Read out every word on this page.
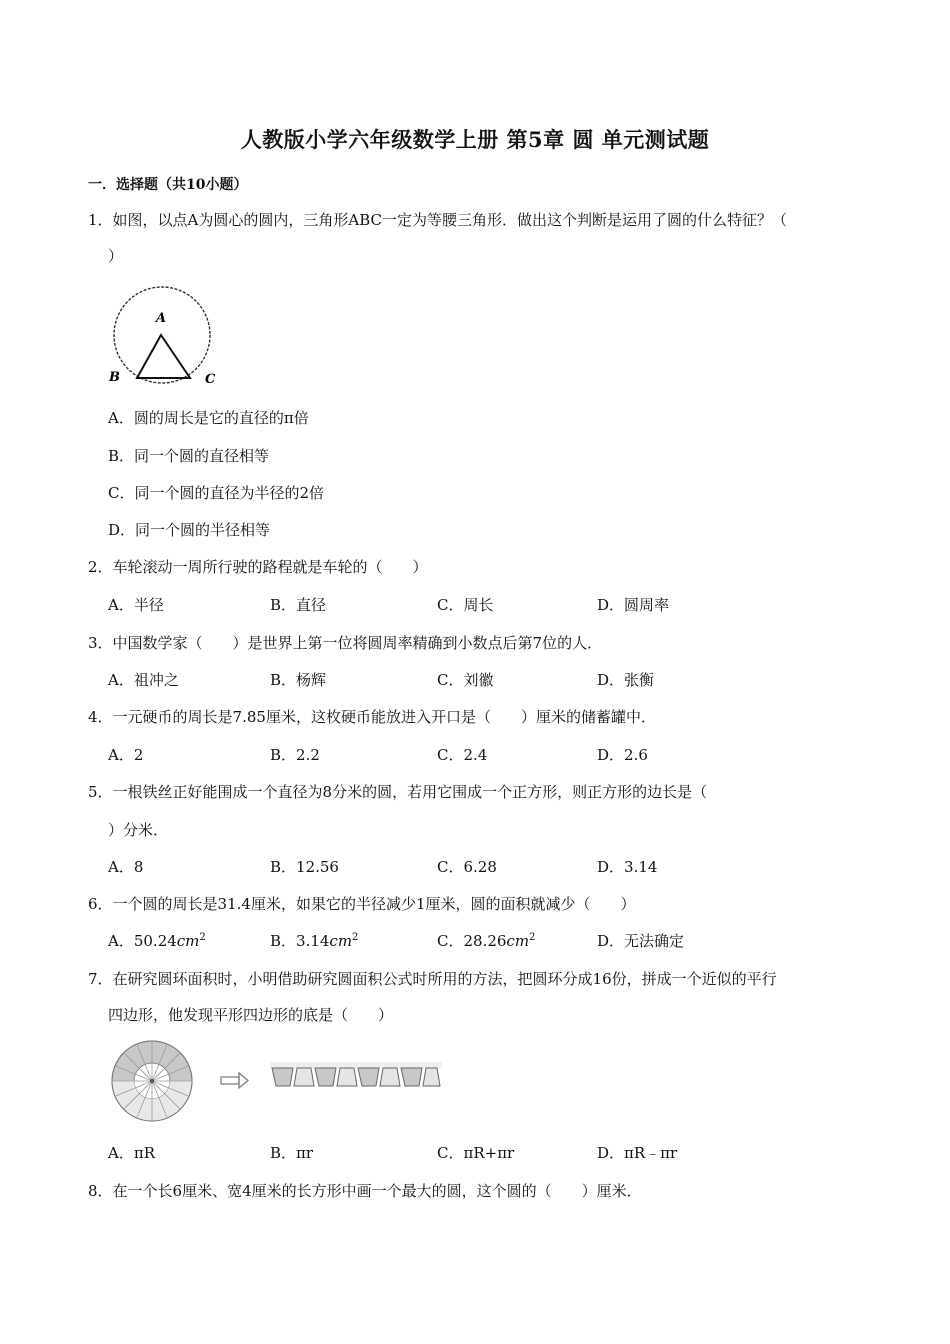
人教版小学六年级数学上册 第5章 圆 单元测试题
一．选择题（共10小题）
1．如图，以点A为圆心的圆内，三角形ABC一定为等腰三角形．做出这个判断是运用了圆的什么特征？（
）
A
B	C
A．圆的周长是它的直径的π倍
B．同一个圆的直径相等
C．同一个圆的直径为半径的2倍
D．同一个圆的半径相等
2．车轮滚动一周所行驶的路程就是车轮的（　　）
A．半径	B．直径	C．周长	D．圆周率
3．中国数学家（　　）是世界上第一位将圆周率精确到小数点后第7位的人．
A．祖冲之	B．杨辉	C．刘徽	D．张衡
4．一元硬币的周长是7.85厘米，这枚硬币能放进入开口是（　　）厘米的储蓄罐中．
A．2	B．2.2	C．2.4	D．2.6
5．一根铁丝正好能围成一个直径为8分米的圆，若用它围成一个正方形，则正方形的边长是（
）分米．
A．8	B．12.56	C．6.28	D．3.14
6．一个圆的周长是31.4厘米，如果它的半径减少1厘米，圆的面积就减少（　　）
A．$50.24cm^2$	B．$3.14cm^2$	C．$28.26cm^2$	D．无法确定
7．在研究圆环面积时，小明借助研究圆面积公式时所用的方法，把圆环分成16份，拼成一个近似的平行
四边形，他发现平形四边形的底是（　　）
A．πR	B．πr	C．πR+πr	D．πR﹣πr
8．在一个长6厘米、宽4厘米的长方形中画一个最大的圆，这个圆的（　　）厘米．
